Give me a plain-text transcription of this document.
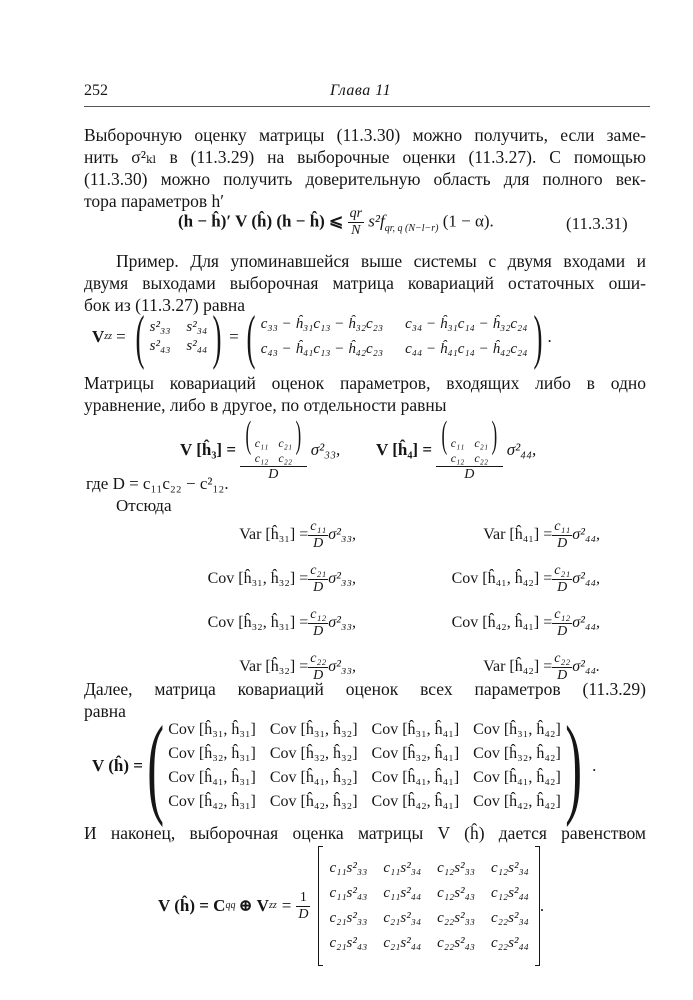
252	Глава 11
Выборочную оценку матрицы (11.3.30) можно получить, если заме-
нить σ²ₖₗ в (11.3.29) на выборочные оценки (11.3.27). С помощью
(11.3.30) можно получить доверительную область для полного век-
тора параметров h′
(h − ĥ)′ V (ĥ) (h − ĥ) ⩽ $\frac{qr}{N} s^2f_{qr, q (N-l-r)}$ (1 − α).	(11.3.31)
Пример. Для упоминавшейся выше системы с двумя входами и
двумя выходами выборочная матрица ковариаций остаточных оши-
бок из (11.3.27) равна
V zz = ( s²₃₃ s²₃₄
s²₄₃ s²₄₄ ) = ( c₃₃ − ĥ₃₁c₁₃ − ĥ₃₂c₂₃ c₃₄ − ĥ₃₁c₁₄ − ĥ₃₂c₂₄
c₄₃ − ĥ₄₁c₁₃ − ĥ₄₂c₂₃ c₄₄ − ĥ₄₁c₁₄ − ĥ₄₂c₂₄ ) .
Матрицы ковариаций оценок параметров, входящих либо в одно
уравнение, либо в другое, по отдельности равны
V [ĥ₃] = ( c₁₁ c₂₁
c₁₂ c₂₂
)
D σ²₃₃, V [ĥ₄] = ( c₁₁ c₂₁
c₁₂ c₂₂
)
D σ²₄₄,
где D = c₁₁c₂₂ − c²₁₂.
Отсюда
Var [ĥ₃₁] = $\frac{\text{c₁₁}}{D} \sigma^2_{33}$,	Var [ĥ₄₁] = $\frac{\text{c₁₁}}{D} \sigma^2_{44}$,
Cov [ĥ₃₁, ĥ₃₂] = $\frac{\text{c₂₁}}{D} \sigma^2_{33}$,	Cov [ĥ₄₁, ĥ₄₂] = $\frac{\text{c₂₁}}{D} \sigma^2_{44}$,
Cov [ĥ₃₂, ĥ₃₁] = $\frac{\text{c₁₂}}{D} \sigma^2_{33}$,	Cov [ĥ₄₂, ĥ₄₁] = $\frac{\text{c₁₂}}{D} \sigma^2_{44}$,
Var [ĥ₃₂] = $\frac{\text{c₂₂}}{D} \sigma^2_{33}$,	Var [ĥ₄₂] = $\frac{\text{c₂₂}}{D} \sigma^2_{44}$.
Далее, матрица ковариаций оценок всех параметров (11.3.29)
равна
V (ĥ) = ( Cov [ĥ₃₁, ĥ₃₁] Cov [ĥ₃₁, ĥ₃₂] Cov [ĥ₃₁, ĥ₄₁] Cov [ĥ₃₁, ĥ₄₂]
Cov [ĥ₃₂, ĥ₃₁] Cov [ĥ₃₂, ĥ₃₂] Cov [ĥ₃₂, ĥ₄₁] Cov [ĥ₃₂, ĥ₄₂]
Cov [ĥ₄₁, ĥ₃₁] Cov [ĥ₄₁, ĥ₃₂] Cov [ĥ₄₁, ĥ₄₁] Cov [ĥ₄₁, ĥ₄₂]
Cov [ĥ₄₂, ĥ₃₁] Cov [ĥ₄₂, ĥ₃₂] Cov [ĥ₄₂, ĥ₄₁] Cov [ĥ₄₂, ĥ₄₂] ) .
И наконец, выборочная оценка матрицы V (ĥ) дается равенством
V (ĥ) = C qq ⊕ V zz = $\frac{1}{D}$
c₁₁s²₃₃ c₁₁s²₃₄ c₁₂s²₃₃ c₁₂s²₃₄
c₁₁s²₄₃ c₁₁s²₄₄ c₁₂s²₄₃ c₁₂s²₄₄
c₂₁s²₃₃ c₂₁s²₃₄ c₂₂s²₃₃ c₂₂s²₃₄
c₂₁s²₄₃ c₂₁s²₄₄ c₂₂s²₄₃ c₂₂s²₄₄
.
